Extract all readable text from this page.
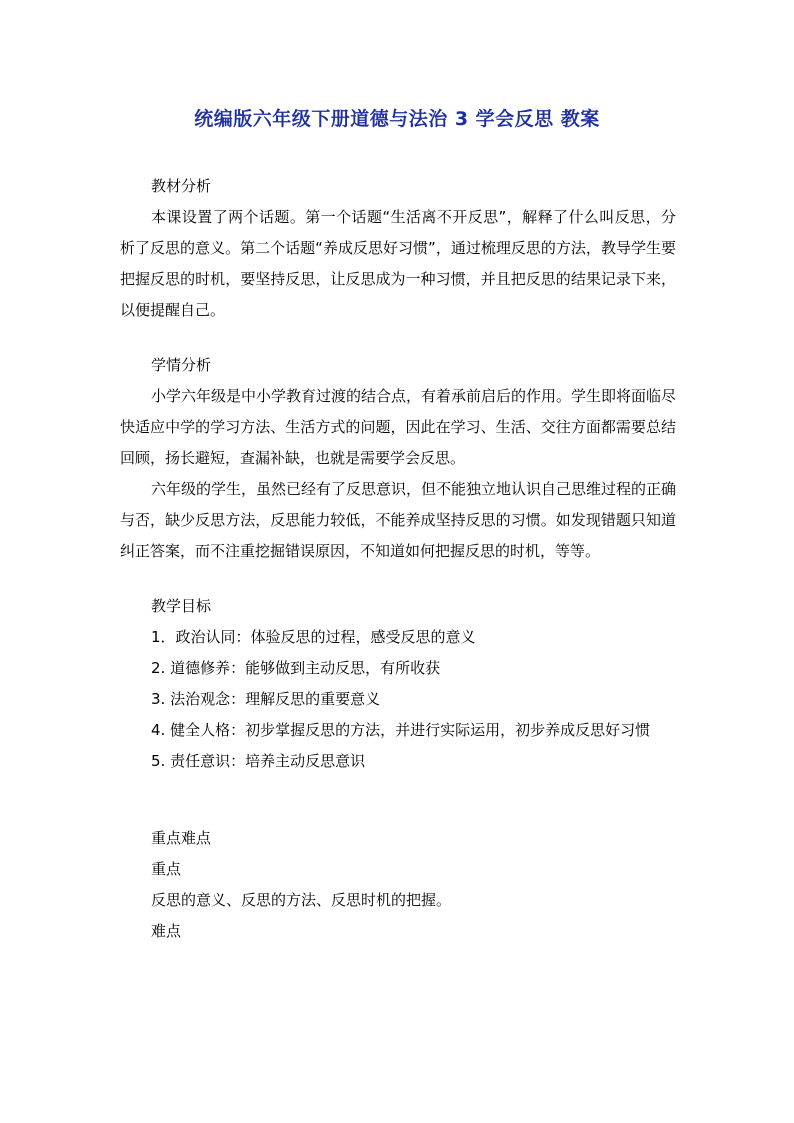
统编版六年级下册道德与法治 3 学会反思 教案

教材分析

本课设置了两个话题。第一个话题“生活离不开反思”，解释了什么叫反思，分析了反思的意义。第二个话题“养成反思好习惯”，通过梳理反思的方法，教导学生要把握反思的时机，要坚持反思，让反思成为一种习惯，并且把反思的结果记录下来，以便提醒自己。

学情分析

小学六年级是中小学教育过渡的结合点，有着承前启后的作用。学生即将面临尽快适应中学的学习方法、生活方式的问题，因此在学习、生活、交往方面都需要总结回顾，扬长避短，查漏补缺，也就是需要学会反思。

六年级的学生，虽然已经有了反思意识，但不能独立地认识自己思维过程的正确与否，缺少反思方法，反思能力较低，不能养成坚持反思的习惯。如发现错题只知道纠正答案，而不注重挖掘错误原因，不知道如何把握反思的时机，等等。

教学目标

1．政治认同：体验反思的过程，感受反思的意义

2. 道德修养：能够做到主动反思，有所收获

3. 法治观念：理解反思的重要意义

4. 健全人格：初步掌握反思的方法，并进行实际运用，初步养成反思好习惯

5. 责任意识：培养主动反思意识

重点难点

重点

反思的意义、反思的方法、反思时机的把握。

难点
